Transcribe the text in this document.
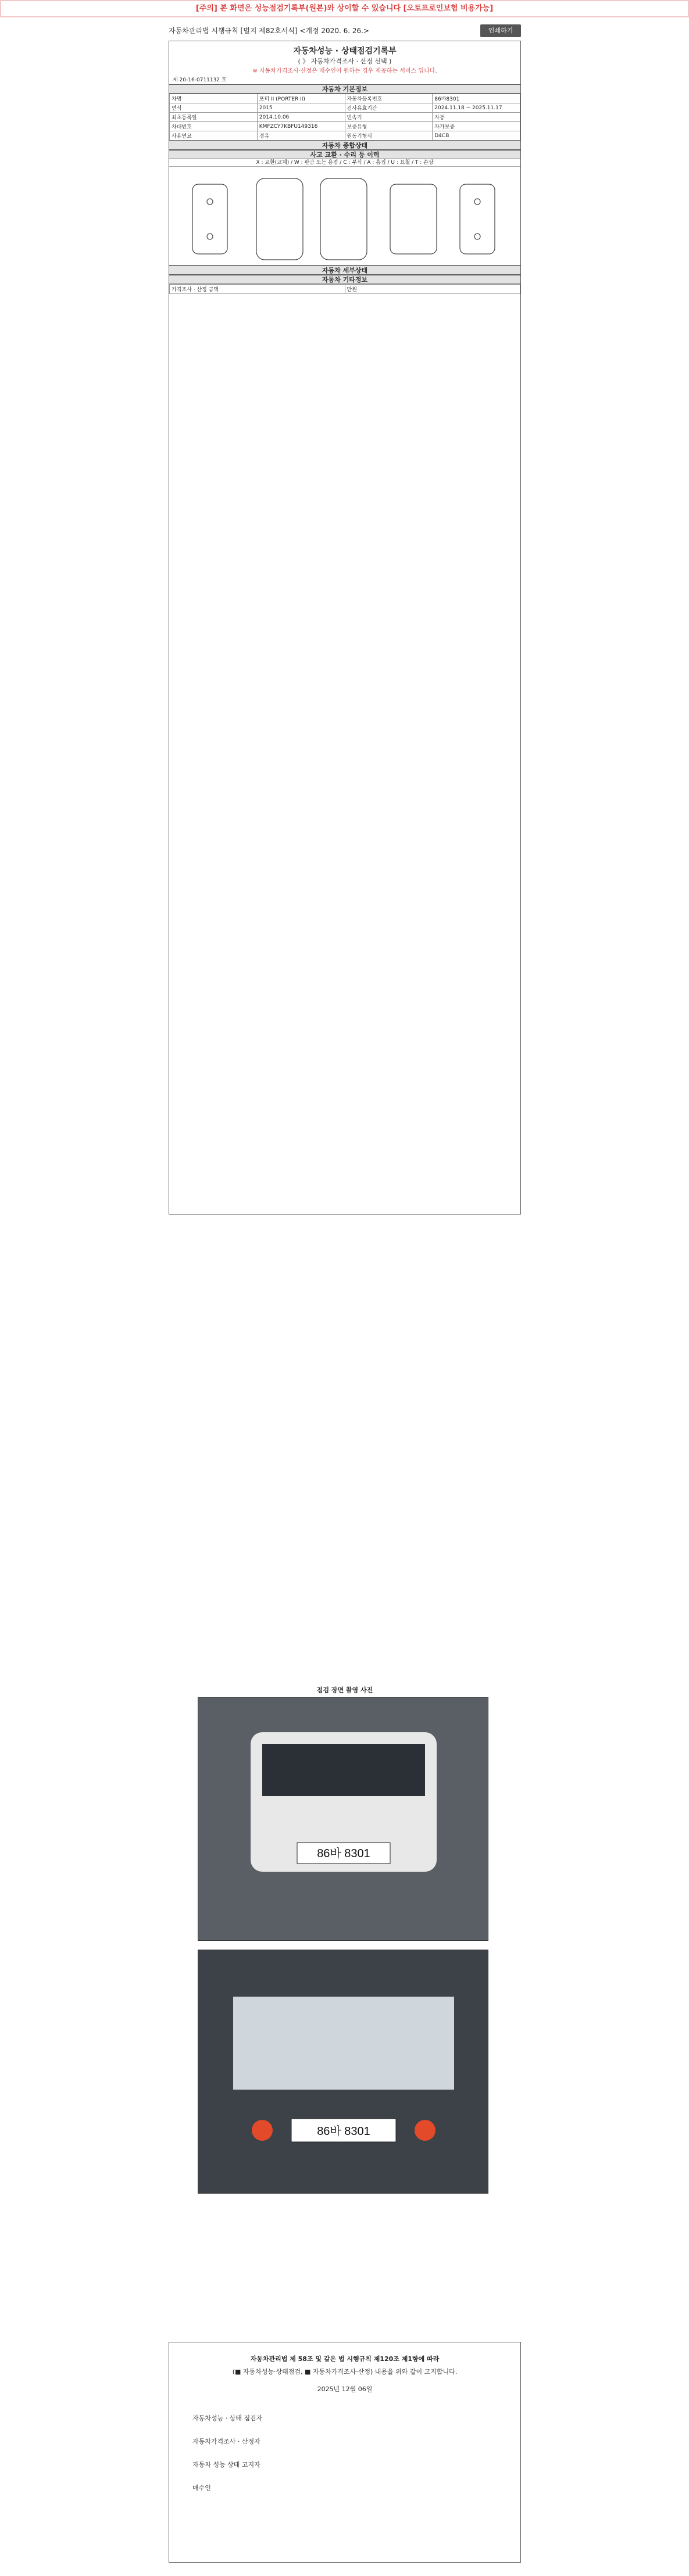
[주의] 본 화면은 성능점검기록부(원본)와 상이할 수 있습니다 [오토프로인보험 비용가능]
자동차관리법 시행규칙 [별지 제82호서식] <개정 2020. 6. 26.>	인쇄하기
자동차성능 · 상태점검기록부
( 》 자동차가격조사 · 산정 선택 )
※ 자동차가격조사·산정은 매수인이 원하는 경우 제공하는 서비스 입니다.
제 20-16-0711132 호
자동차 기본정보
차명	포터 II (PORTER II)	자동차등록번호	86바8301
연식	2015	검사유효기간	2024.11.18 ~ 2025.11.17
최초등록일	2014.10.06	변속기	자동
차대번호	KMFZCY7KBFU149316	보증유형	자가보증
사용연료	경유	원동기형식	D4CB
자동차 종합상태
사고 교환 · 수리 등 이력
X : 교환(교체) / W : 판금 또는 용접 / C : 부식 / A : 흠집 / U : 요철 / T : 손상
자동차 세부상태
자동차 기타정보
가격조사 · 산정 금액	만원
86바 8301
86바 8301
점검 장면 촬영 사진
자동차관리법 제 58조 및 같은 법 시행규칙 제120조 제1항에 따라
(■ 자동차성능·상태점검, ■ 자동차가격조사·산정) 내용을 위와 같이 고지합니다.
2025년 12월 06일
자동차성능 · 상태 점검자
자동차가격조사 · 산정자
자동차 성능 상태 고지자
매수인
